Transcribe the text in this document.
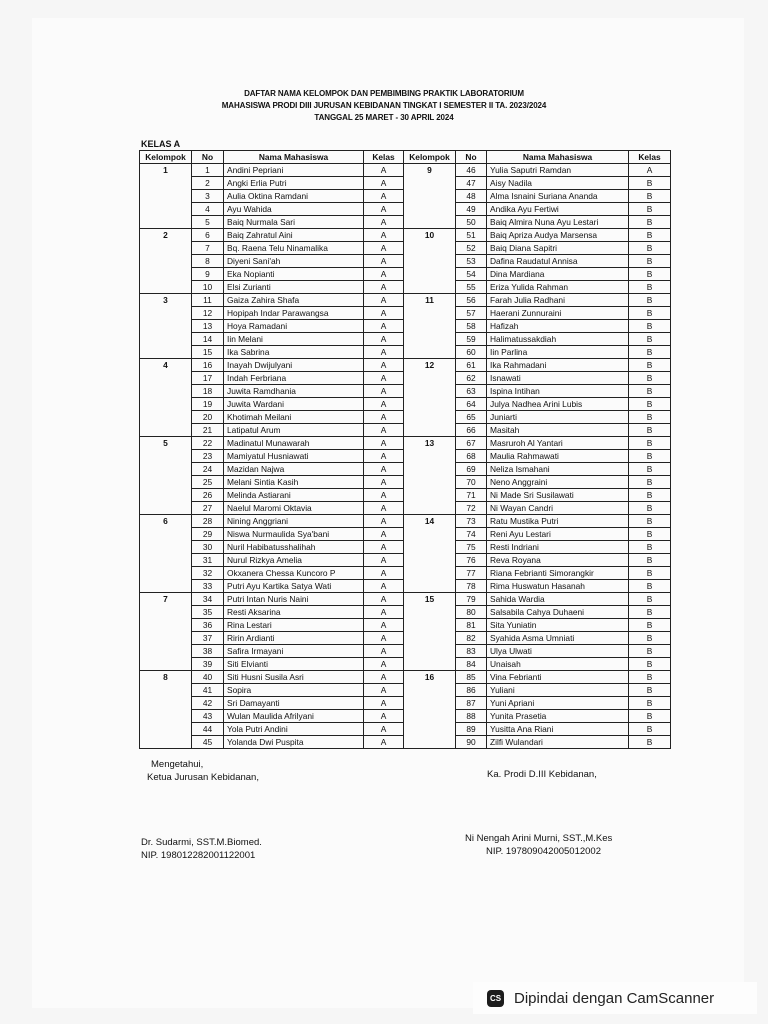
DAFTAR NAMA KELOMPOK DAN PEMBIMBING PRAKTIK LABORATORIUM
MAHASISWA PRODI DIII JURUSAN KEBIDANAN TINGKAT I SEMESTER II TA. 2023/2024
TANGGAL 25 MARET - 30 APRIL 2024
KELAS A
Kelompok	No	Nama Mahasiswa	Kelas	Kelompok	No	Nama Mahasiswa	Kelas
1	1	Andini Pepriani	A	9	46	Yulia Saputri Ramdan	A
	2	Angki Erlia Putri	A		47	Aisy Nadila	B
	3	Aulia Oktina Ramdani	A		48	Alma Isnaini Suriana Ananda	B
	4	Ayu Wahida	A		49	Andika Ayu Fertiwi	B
	5	Baiq Nurmala Sari	A		50	Baiq Almira Nuna Ayu Lestari	B
2	6	Baiq Zahratul Aini	A	10	51	Baiq Apriza Audya Marsensa	B
	7	Bq. Raena Telu Ninamalika	A		52	Baiq Diana Sapitri	B
	8	Diyeni Sani'ah	A		53	Dafina Raudatul Annisa	B
	9	Eka Nopianti	A		54	Dina Mardiana	B
	10	Elsi Zurianti	A		55	Eriza Yulida Rahman	B
3	11	Gaiza Zahira Shafa	A	11	56	Farah Julia Radhani	B
	12	Hopipah Indar Parawangsa	A		57	Haerani Zunnuraini	B
	13	Hoya Ramadani	A		58	Hafizah	B
	14	Iin Melani	A		59	Halimatussakdiah	B
	15	Ika Sabrina	A		60	Iin Parlina	B
4	16	Inayah Dwijulyani	A	12	61	Ika Rahmadani	B
	17	Indah Ferbriana	A		62	Isnawati	B
	18	Juwita Ramdhania	A		63	Ispina Intihan	B
	19	Juwita Wardani	A		64	Julya Nadhea Arini Lubis	B
	20	Khotimah Meilani	A		65	Juniarti	B
	21	Latipatul Arum	A		66	Masitah	B
5	22	Madinatul Munawarah	A	13	67	Masruroh Al Yantari	B
	23	Mamiyatul Husniawati	A		68	Maulia Rahmawati	B
	24	Mazidan Najwa	A		69	Neliza Ismahani	B
	25	Melani Sintia Kasih	A		70	Neno Anggraini	B
	26	Melinda Astiarani	A		71	Ni Made Sri Susilawati	B
	27	Naelul Maromi Oktavia	A		72	Ni Wayan Candri	B
6	28	Nining Anggriani	A	14	73	Ratu Mustika Putri	B
	29	Niswa Nurmaulida Sya'bani	A		74	Reni Ayu Lestari	B
	30	Nuril Habibatusshalihah	A		75	Resti Indriani	B
	31	Nurul Rizkya Amelia	A		76	Reva Royana	B
	32	Okxanera Chessa Kuncoro P	A		77	Riana Febrianti Simorangkir	B
	33	Putri Ayu Kartika Satya Wati	A		78	Rima Huswatun Hasanah	B
7	34	Putri Intan Nuris Naini	A	15	79	Sahida Wardia	B
	35	Resti Aksarina	A		80	Salsabila Cahya Duhaeni	B
	36	Rina Lestari	A		81	Sita Yuniatin	B
	37	Ririn Ardianti	A		82	Syahida Asma Umniati	B
	38	Safira Irmayani	A		83	Ulya Ulwati	B
	39	Siti Elvianti	A		84	Unaisah	B
8	40	Siti Husni Susila Asri	A	16	85	Vina Febrianti	B
	41	Sopira	A		86	Yuliani	B
	42	Sri Damayanti	A		87	Yuni Apriani	B
	43	Wulan Maulida Afrilyani	A		88	Yunita Prasetia	B
	44	Yola Putri Andini	A		89	Yusitta Ana Riani	B
	45	Yolanda Dwi Puspita	A		90	Zilfi Wulandari	B
Mengetahui,
Ketua Jurusan Kebidanan,	Ka. Prodi D.III Kebidanan,
Dr. Sudarmi, SST.M.Biomed.
NIP. 198012282001122001
Ni Nengah Arini Murni, SST.,M.Kes
NIP. 197809042005012002
CS Dipindai dengan CamScanner
